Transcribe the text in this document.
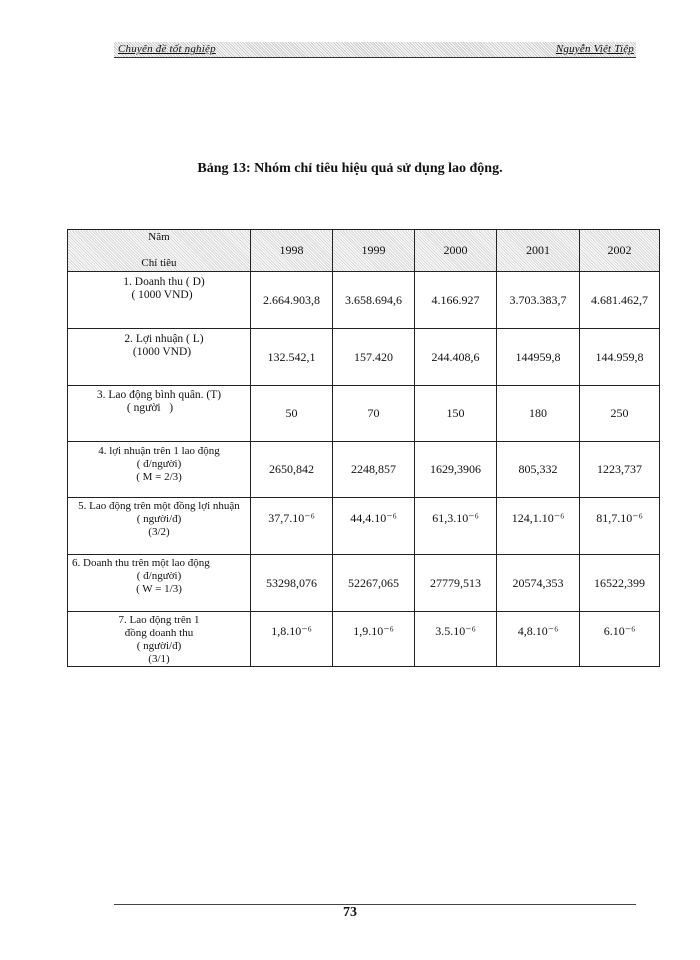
Chuyên đề tốt nghiệp	Nguyễn Việt Tiệp
Bảng 13: Nhóm chỉ tiêu hiệu quả sử dụng lao động.
Năm
Chỉ tiêu	1998	1999	2000	2001	2002

1. Doanh thu ( D)
( 1000 VND)	2.664.903,8	3.658.694,6	4.166.927	3.703.383,7	4.681.462,7

2. Lợi nhuận ( L)
(1000 VND)	132.542,1	157.420	244.408,6	144959,8	144.959,8

3. Lao động bình quân. (T)
( người   )	50	70	150	180	250

4. lợi nhuận trên 1 lao động
( đ/người)
( M = 2/3)	2650,842	2248,857	1629,3906	805,332	1223,737

5. Lao động trên một đồng lợi nhuận
( người/đ)
(3/2)	37,7.10⁻⁶	44,4.10⁻⁶	61,3.10⁻⁶	124,1.10⁻⁶	81,7.10⁻⁶

6. Doanh thu trên một lao động
( đ/người)
( W = 1/3)	53298,076	52267,065	27779,513	20574,353	16522,399

7. Lao động trên 1 đồng doanh thu
( người/đ)
(3/1)	1,8.10⁻⁶	1,9.10⁻⁶	3.5.10⁻⁶	4,8.10⁻⁶	6.10⁻⁶
73
